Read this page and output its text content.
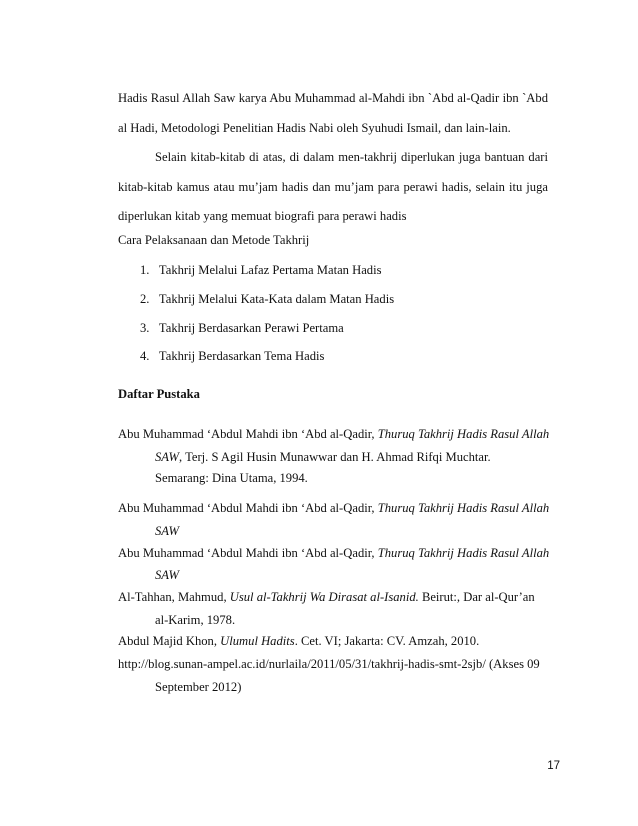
Hadis Rasul Allah Saw karya Abu Muhammad al-Mahdi ibn `Abd al-Qadir ibn `Abd
al Hadi, Metodologi Penelitian Hadis Nabi oleh Syuhudi Ismail, dan lain-lain.
Selain kitab-kitab di atas, di dalam men-takhrij diperlukan juga bantuan dari
kitab-kitab kamus atau mu’jam hadis dan mu’jam para perawi hadis, selain itu juga
diperlukan kitab yang memuat biografi para perawi hadis
Cara Pelaksanaan dan Metode Takhrij
1. Takhrij Melalui Lafaz Pertama Matan Hadis
2. Takhrij Melalui Kata-Kata dalam Matan Hadis
3. Takhrij Berdasarkan Perawi Pertama
4. Takhrij Berdasarkan Tema Hadis
Daftar Pustaka
Abu Muhammad ‘Abdul Mahdi ibn ‘Abd al-Qadir, Thuruq Takhrij Hadis Rasul Allah
SAW, Terj. S Agil Husin Munawwar dan H. Ahmad Rifqi Muchtar.
Semarang: Dina Utama, 1994.
Abu Muhammad ‘Abdul Mahdi ibn ‘Abd al-Qadir, Thuruq Takhrij Hadis Rasul Allah
SAW
Abu Muhammad ‘Abdul Mahdi ibn ‘Abd al-Qadir, Thuruq Takhrij Hadis Rasul Allah
SAW
Al-Tahhan, Mahmud, Usul al-Takhrij Wa Dirasat al-Isanid. Beirut:, Dar al-Qur’an
al-Karim, 1978.
Abdul Majid Khon, Ulumul Hadits. Cet. VI; Jakarta: CV. Amzah, 2010.
http://blog.sunan-ampel.ac.id/nurlaila/2011/05/31/takhrij-hadis-smt-2sjb/ (Akses 09
September 2012)
17
